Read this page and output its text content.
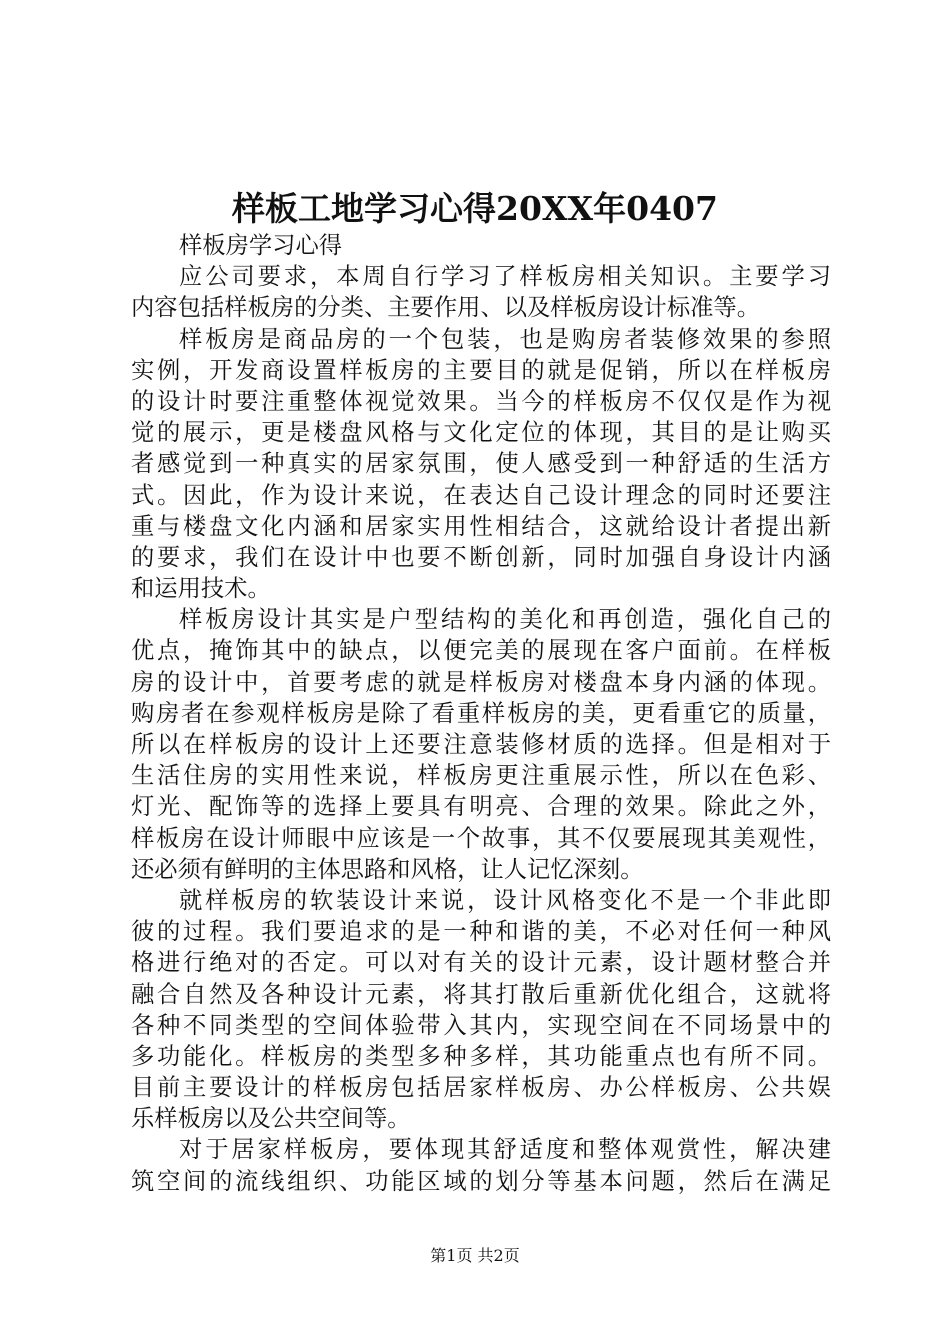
样板工地学习心得20XX年0407
样板房学习心得
应公司要求，本周自行学习了样板房相关知识。主要学习
内容包括样板房的分类、主要作用、以及样板房设计标准等。
样板房是商品房的一个包装，也是购房者装修效果的参照
实例，开发商设置样板房的主要目的就是促销，所以在样板房
的设计时要注重整体视觉效果。当今的样板房不仅仅是作为视
觉的展示，更是楼盘风格与文化定位的体现，其目的是让购买
者感觉到一种真实的居家氛围，使人感受到一种舒适的生活方
式。因此，作为设计来说，在表达自己设计理念的同时还要注
重与楼盘文化内涵和居家实用性相结合，这就给设计者提出新
的要求，我们在设计中也要不断创新，同时加强自身设计内涵
和运用技术。
样板房设计其实是户型结构的美化和再创造，强化自己的
优点，掩饰其中的缺点，以便完美的展现在客户面前。在样板
房的设计中，首要考虑的就是样板房对楼盘本身内涵的体现。
购房者在参观样板房是除了看重样板房的美，更看重它的质量，
所以在样板房的设计上还要注意装修材质的选择。但是相对于
生活住房的实用性来说，样板房更注重展示性，所以在色彩、
灯光、配饰等的选择上要具有明亮、合理的效果。除此之外，
样板房在设计师眼中应该是一个故事，其不仅要展现其美观性，
还必须有鲜明的主体思路和风格，让人记忆深刻。
就样板房的软装设计来说，设计风格变化不是一个非此即
彼的过程。我们要追求的是一种和谐的美，不必对任何一种风
格进行绝对的否定。可以对有关的设计元素，设计题材整合并
融合自然及各种设计元素，将其打散后重新优化组合，这就将
各种不同类型的空间体验带入其内，实现空间在不同场景中的
多功能化。样板房的类型多种多样，其功能重点也有所不同。
目前主要设计的样板房包括居家样板房、办公样板房、公共娱
乐样板房以及公共空间等。
对于居家样板房，要体现其舒适度和整体观赏性，解决建
筑空间的流线组织、功能区域的划分等基本问题，然后在满足
第1页 共2页
